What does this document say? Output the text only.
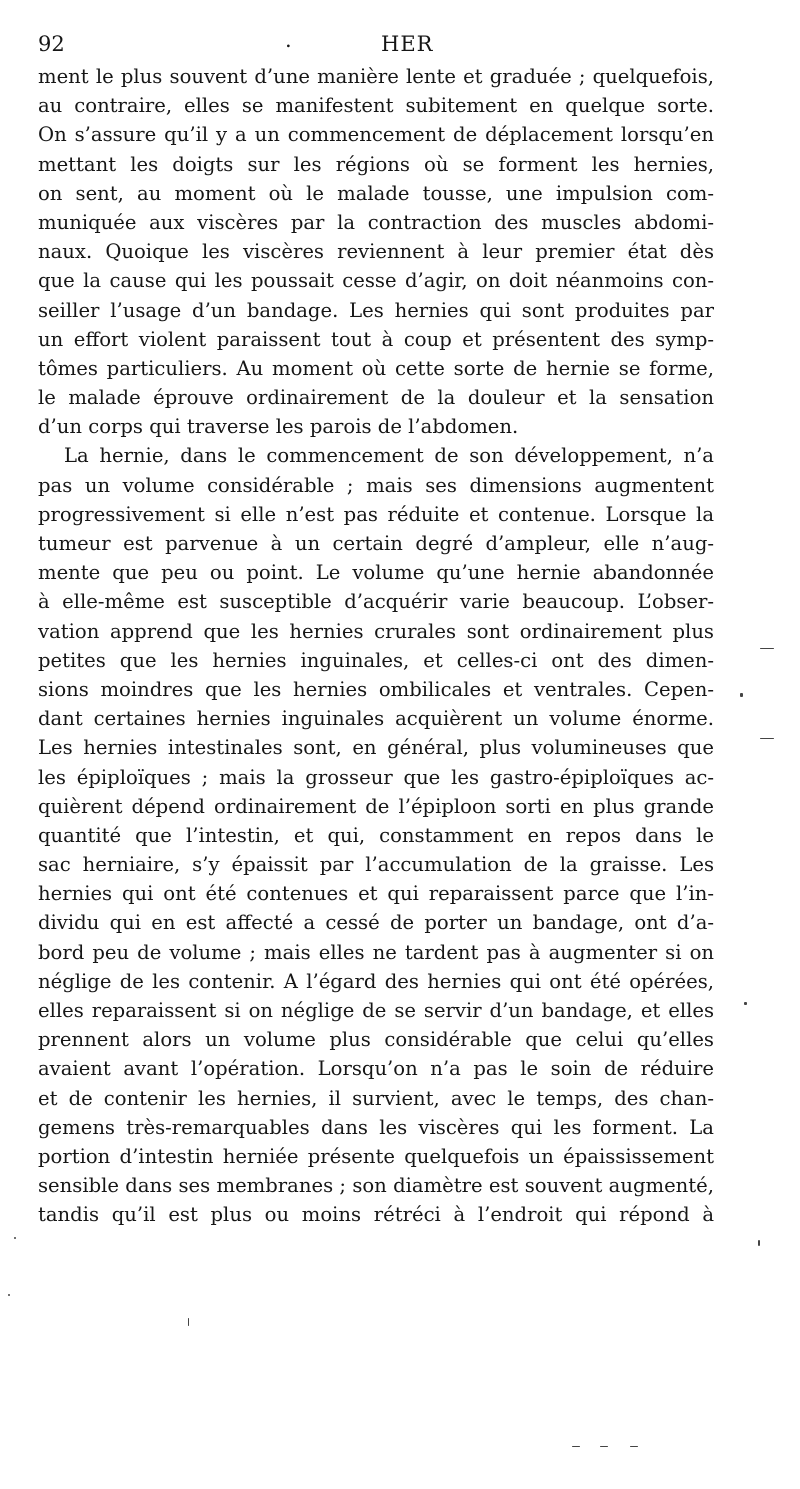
92	.	HER
ment le plus souvent d’une manière lente et graduée ; quelquefois,
au contraire, elles se manifestent subitement en quelque sorte.
On s’assure qu’il y a un commencement de déplacement lorsqu’en
mettant les doigts sur les régions où se forment les hernies,
on sent, au moment où le malade tousse, une impulsion com-
muniquée aux viscères par la contraction des muscles abdomi-
naux. Quoique les viscères reviennent à leur premier état dès
que la cause qui les poussait cesse d’agir, on doit néanmoins con-
seiller l’usage d’un bandage. Les hernies qui sont produites par
un effort violent paraissent tout à coup et présentent des symp-
tômes particuliers. Au moment où cette sorte de hernie se forme,
le malade éprouve ordinairement de la douleur et la sensation
d’un corps qui traverse les parois de l’abdomen.
La hernie, dans le commencement de son développement, n’a
pas un volume considérable ; mais ses dimensions augmentent
progressivement si elle n’est pas réduite et contenue. Lorsque la
tumeur est parvenue à un certain degré d’ampleur, elle n’aug-
mente que peu ou point. Le volume qu’une hernie abandonnée
à elle-même est susceptible d’acquérir varie beaucoup. L’obser-
vation apprend que les hernies crurales sont ordinairement plus
petites que les hernies inguinales, et celles-ci ont des dimen-
sions moindres que les hernies ombilicales et ventrales. Cepen-
dant certaines hernies inguinales acquièrent un volume énorme.
Les hernies intestinales sont, en général, plus volumineuses que
les épiploïques ; mais la grosseur que les gastro-épiploïques ac-
quièrent dépend ordinairement de l’épiploon sorti en plus grande
quantité que l’intestin, et qui, constamment en repos dans le
sac herniaire, s’y épaissit par l’accumulation de la graisse. Les
hernies qui ont été contenues et qui reparaissent parce que l’in-
dividu qui en est affecté a cessé de porter un bandage, ont d’a-
bord peu de volume ; mais elles ne tardent pas à augmenter si on
néglige de les contenir. A l’égard des hernies qui ont été opérées,
elles reparaissent si on néglige de se servir d’un bandage, et elles
prennent alors un volume plus considérable que celui qu’elles
avaient avant l’opération. Lorsqu’on n’a pas le soin de réduire
et de contenir les hernies, il survient, avec le temps, des chan-
gemens très-remarquables dans les viscères qui les forment. La
portion d’intestin herniée présente quelquefois un épaississement
sensible dans ses membranes ; son diamètre est souvent augmenté,
tandis qu’il est plus ou moins rétréci à l’endroit qui répond à
